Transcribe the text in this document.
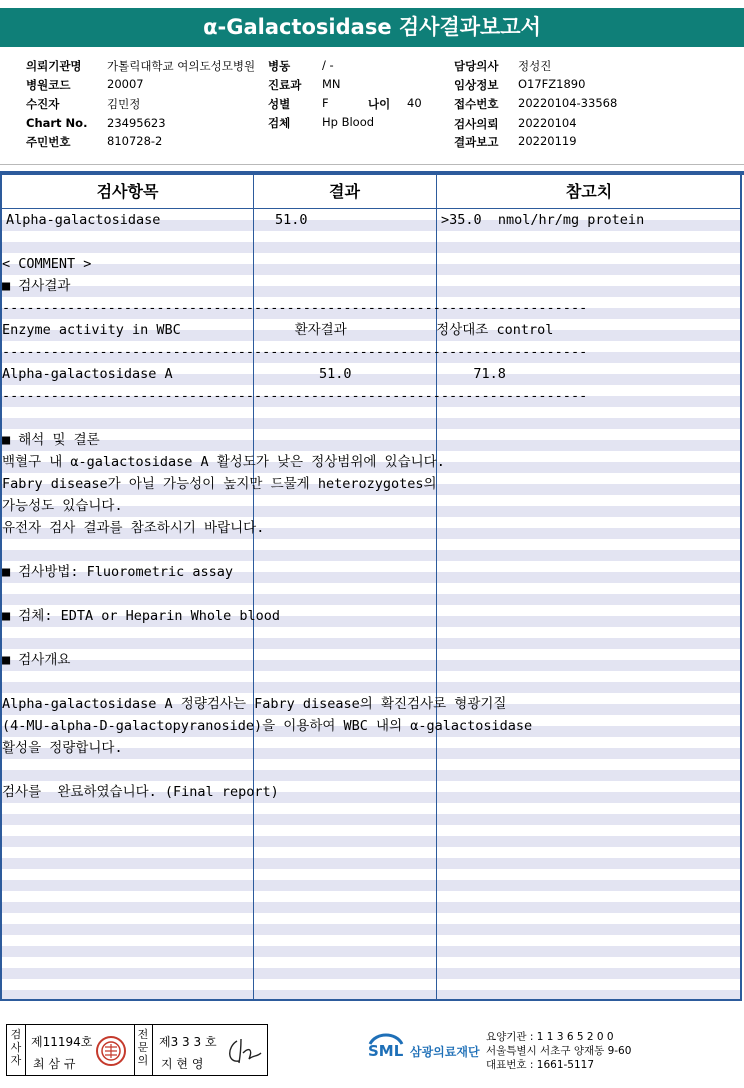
α-Galactosidase 검사결과보고서
의뢰기관명 가톨릭대학교 여의도성모병원 병동	/ -	담당의사 정성진
병원코드	20007	진료과 MN	임상정보 O17FZ1890
수진자	김민정	성별	F	나이 40	접수번호 20220104-33568
Chart No. 23495623	검체	Hp Blood	검사의뢰 20220104
주민번호	810728-2	결과보고 20220119
검사항목	결과	참고치
Alpha-galactosidase	51.0	>35.0  nmol/hr/mg protein
< COMMENT >
■ 검사결과
------------------------------------------------------------------------
Enzyme activity in WBC              환자결과           정상대조 control
------------------------------------------------------------------------
Alpha-galactosidase A                  51.0               71.8
------------------------------------------------------------------------
■ 해석 및 결론
백혈구 내 α-galactosidase A 활성도가 낮은 정상범위에 있습니다.
Fabry disease가 아닐 가능성이 높지만 드물게 heterozygotes의
가능성도 있습니다.
유전자 검사 결과를 참조하시기 바랍니다.
■ 검사방법: Fluorometric assay
■ 검체: EDTA or Heparin Whole blood
■ 검사개요
Alpha-galactosidase A 정량검사는 Fabry disease의 확진검사로 형광기질
(4-MU-alpha-D-galactopyranoside)을 이용하여 WBC 내의 α-galactosidase
활성을 정량합니다.
검사를  완료하였습니다. (Final report)
검
사
자
제11194호
최 삼 규
전
문
의
제3 3 3 호
지 현 영
SML 삼광의료재단
요양기관 : 1 1 3 6 5 2 0 0
서울특별시 서초구 양재동 9-60
대표번호 : 1661-5117
